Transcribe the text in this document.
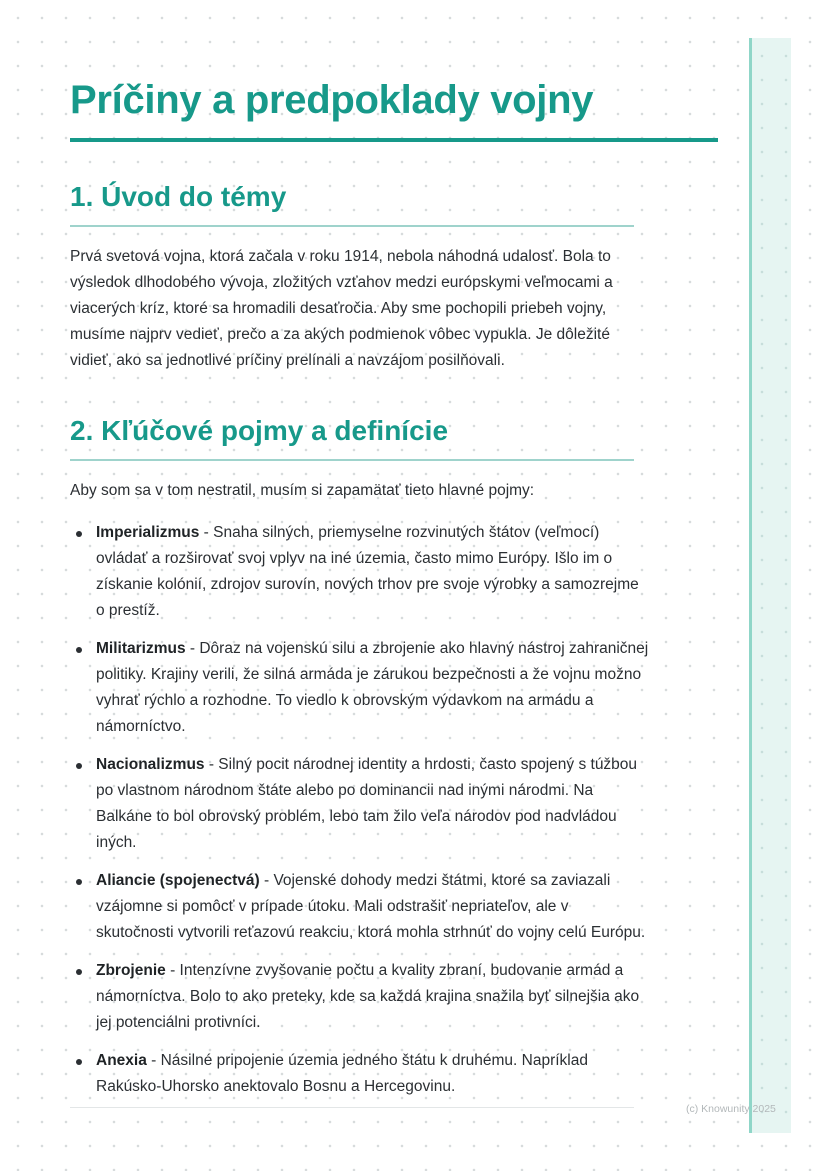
Príčiny a predpoklady vojny
1. Úvod do témy

Prvá svetová vojna, ktorá začala v roku 1914, nebola náhodná udalosť. Bola to výsledok dlhodobého vývoja, zložitých vzťahov medzi európskymi veľmocami a viacerých kríz, ktoré sa hromadili desaťročia. Aby sme pochopili priebeh vojny, musíme najprv vedieť, prečo a za akých podmienok vôbec vypukla. Je dôležité vidieť, ako sa jednotlivé príčiny prelínali a navzájom posilňovali.

2. Kľúčové pojmy a definície

Aby som sa v tom nestratil, musím si zapamätať tieto hlavné pojmy:

Imperializmus - Snaha silných, priemyselne rozvinutých štátov (veľmocí) ovládať a rozširovať svoj vplyv na iné územia, často mimo Európy. Išlo im o získanie kolónií, zdrojov surovín, nových trhov pre svoje výrobky a samozrejme o prestíž.
Militarizmus - Dôraz na vojenskú silu a zbrojenie ako hlavný nástroj zahraničnej politiky. Krajiny verili, že silná armáda je zárukou bezpečnosti a že vojnu možno vyhrať rýchlo a rozhodne. To viedlo k obrovským výdavkom na armádu a námorníctvo.
Nacionalizmus - Silný pocit národnej identity a hrdosti, často spojený s túžbou po vlastnom národnom štáte alebo po dominancii nad inými národmi. Na Balkáne to bol obrovský problém, lebo tam žilo veľa národov pod nadvládou iných.
Aliancie (spojenectvá) - Vojenské dohody medzi štátmi, ktoré sa zaviazali vzájomne si pomôcť v prípade útoku. Mali odstrašiť nepriateľov, ale v skutočnosti vytvorili reťazovú reakciu, ktorá mohla strhnúť do vojny celú Európu.
Zbrojenie - Intenzívne zvyšovanie počtu a kvality zbraní, budovanie armád a námorníctva. Bolo to ako preteky, kde sa každá krajina snažila byť silnejšia ako jej potenciálni protivníci.
Anexia - Násilné pripojenie územia jedného štátu k druhému. Napríklad Rakúsko-Uhorsko anektovalo Bosnu a Hercegovinu.
(c) Knowunity 2025
